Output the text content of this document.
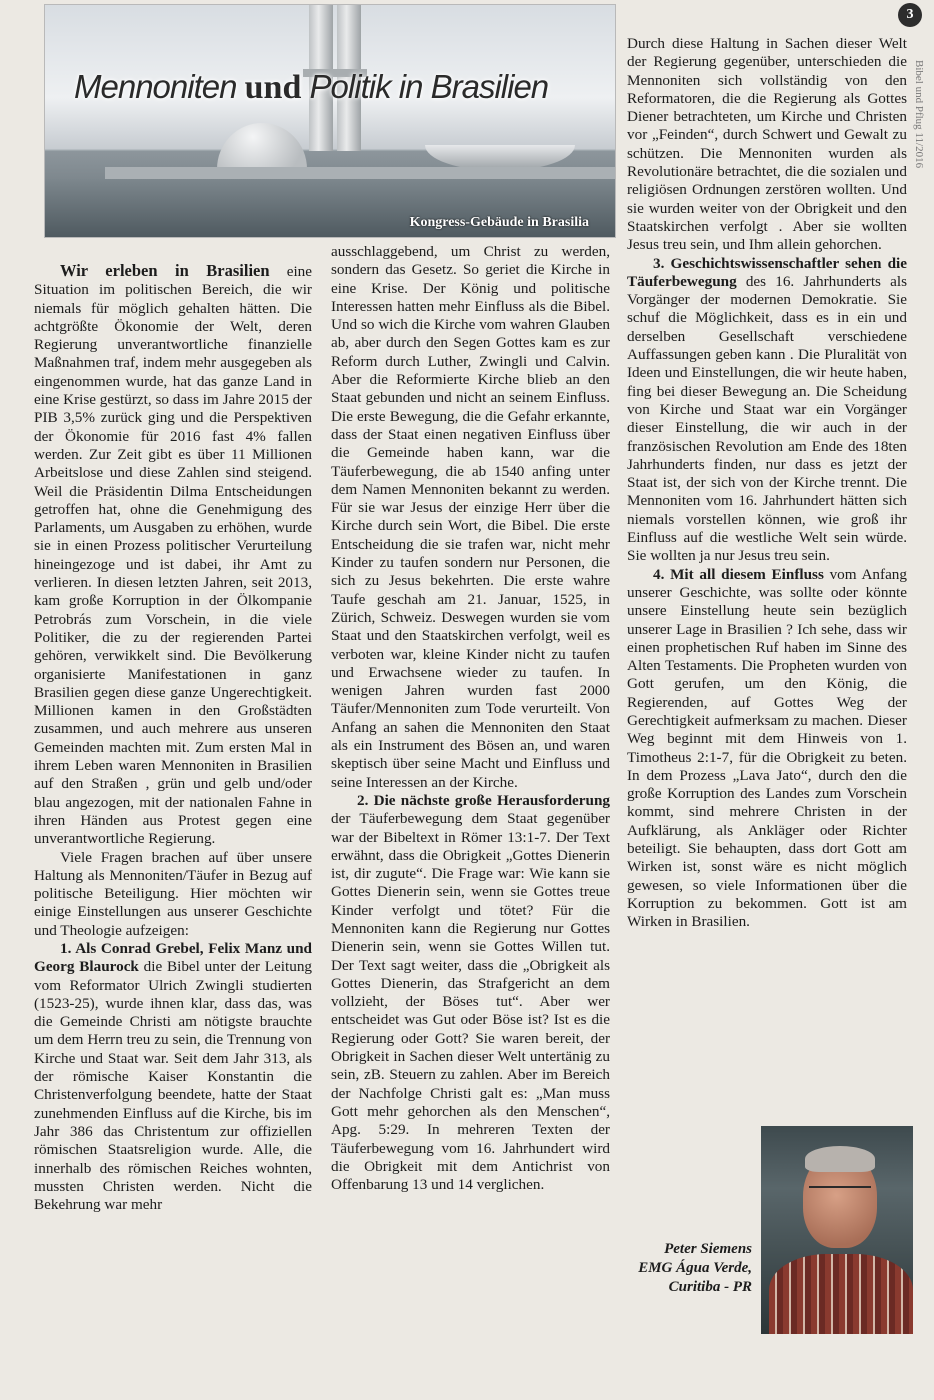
3
Bibel und Pflug 11/2016
Kongress-Gebäude in Brasilia
Mennoniten und Politik in Brasilien

Wir erleben in Brasilien eine Situation im politischen Bereich, die wir niemals für möglich gehalten hätten. Die achtgrößte Ökonomie der Welt, deren Regierung unverantwortliche finanzielle Maßnahmen traf, indem mehr ausgegeben als eingenommen wurde, hat das ganze Land in eine Krise gestürzt, so dass im Jahre 2015 der PIB 3,5% zurück ging und die Perspektiven der Ökonomie für 2016 fast 4% fallen werden. Zur Zeit gibt es über 11 Millionen Arbeitslose und diese Zahlen sind steigend. Weil die Präsidentin Dilma Entscheidungen getroffen hat, ohne die Genehmigung des Parlaments, um Ausgaben zu erhöhen, wurde sie in einen Prozess politischer Verurteilung hineingezoge und ist dabei, ihr Amt zu verlieren. In diesen letzten Jahren, seit 2013, kam große Korruption in der Ölkompanie Petrobrás zum Vorschein, in die viele Politiker, die zu der regierenden Partei gehören, verwikkelt sind. Die Bevölkerung organisierte Manifestationen in ganz Brasilien gegen diese ganze Ungerechtigkeit. Millionen kamen in den Großstädten zusammen, und auch mehrere aus unseren Gemeinden machten mit. Zum ersten Mal in ihrem Leben waren Mennoniten in Brasilien auf den Straßen , grün und gelb und/oder blau angezogen, mit der nationalen Fahne in ihren Händen aus Protest gegen eine unverantwortliche Regierung.

Viele Fragen brachen auf über unsere Haltung als Mennoniten/Täufer in Bezug auf politische Beteiligung. Hier möchten wir einige Einstellungen aus unserer Geschichte und Theologie aufzeigen:

1. Als Conrad Grebel, Felix Manz und Georg Blaurock die Bibel unter der Leitung vom Reformator Ulrich Zwingli studierten (1523-25), wurde ihnen klar, dass das, was die Gemeinde Christi am nötigste brauchte um dem Herrn treu zu sein, die Trennung von Kirche und Staat war. Seit dem Jahr 313, als der römische Kaiser Konstantin die Christenverfolgung beendete, hatte der Staat zunehmenden Einfluss auf die Kirche, bis im Jahr 386 das Christentum zur offiziellen römischen Staatsreligion wurde. Alle, die innerhalb des römischen Reiches wohnten, mussten Christen werden. Nicht die Bekehrung war mehr

ausschlaggebend, um Christ zu werden, sondern das Gesetz. So geriet die Kirche in eine Krise. Der König und politische Interessen hatten mehr Einfluss als die Bibel. Und so wich die Kirche vom wahren Glauben ab, aber durch den Segen Gottes kam es zur Reform durch Luther, Zwingli und Calvin. Aber die Reformierte Kirche blieb an den Staat gebunden und nicht an seinem Einfluss. Die erste Bewegung, die die Gefahr erkannte, dass der Staat einen negativen Einfluss über die Gemeinde haben kann, war die Täuferbewegung, die ab 1540 anfing unter dem Namen Mennoniten bekannt zu werden. Für sie war Jesus der einzige Herr über die Kirche durch sein Wort, die Bibel. Die erste Entscheidung die sie trafen war, nicht mehr Kinder zu taufen sondern nur Personen, die sich zu Jesus bekehrten. Die erste wahre Taufe geschah am 21. Januar, 1525, in Zürich, Schweiz. Deswegen wurden sie vom Staat und den Staatskirchen verfolgt, weil es verboten war, kleine Kinder nicht zu taufen und Erwachsene wieder zu taufen. In wenigen Jahren wurden fast 2000 Täufer/Mennoniten zum Tode verurteilt. Von Anfang an sahen die Mennoniten den Staat als ein Instrument des Bösen an, und waren skeptisch über seine Macht und Einfluss und seine Interessen an der Kirche.

2. Die nächste große Herausforderung der Täuferbewegung dem Staat gegenüber war der Bibeltext in Römer 13:1-7. Der Text erwähnt, dass die Obrigkeit „Gottes Dienerin ist, dir zugute“. Die Frage war: Wie kann sie Gottes Dienerin sein, wenn sie Gottes treue Kinder verfolgt und tötet? Für die Mennoniten kann die Regierung nur Gottes Dienerin sein, wenn sie Gottes Willen tut. Der Text sagt weiter, dass die „Obrigkeit als Gottes Dienerin, das Strafgericht an dem vollzieht, der Böses tut“. Aber wer entscheidet was Gut oder Böse ist? Ist es die Regierung oder Gott? Sie waren bereit, der Obrigkeit in Sachen dieser Welt untertänig zu sein, zB. Steuern zu zahlen. Aber im Bereich der Nachfolge Christi galt es: „Man muss Gott mehr gehorchen als den Menschen“, Apg. 5:29. In mehreren Texten der Täuferbewegung vom 16. Jahrhundert wird die Obrigkeit mit dem Antichrist von Offenbarung 13 und 14 verglichen.

Durch diese Haltung in Sachen dieser Welt der Regierung gegenüber, unterschieden die Mennoniten sich vollständig von den Reformatoren, die die Regierung als Gottes Diener betrachteten, um Kirche und Christen vor „Feinden“, durch Schwert und Gewalt zu schützen. Die Mennoniten wurden als Revolutionäre betrachtet, die die sozialen und religiösen Ordnungen zerstören wollten. Und sie wurden weiter von der Obrigkeit und den Staatskirchen verfolgt . Aber sie wollten Jesus treu sein, und Ihm allein gehorchen.

3. Geschichtswissenschaftler sehen die Täuferbewegung des 16. Jahrhunderts als Vorgänger der modernen Demokratie. Sie schuf die Möglichkeit, dass es in ein und derselben Gesellschaft verschiedene Auffassungen geben kann . Die Pluralität von Ideen und Einstellungen, die wir heute haben, fing bei dieser Bewegung an. Die Scheidung von Kirche und Staat war ein Vorgänger dieser Einstellung, die wir auch in der französischen Revolution am Ende des 18ten Jahrhunderts finden, nur dass es jetzt der Staat ist, der sich von der Kirche trennt. Die Mennoniten vom 16. Jahrhundert hätten sich niemals vorstellen können, wie groß ihr Einfluss auf die westliche Welt sein würde. Sie wollten ja nur Jesus treu sein.

4. Mit all diesem Einfluss vom Anfang unserer Geschichte, was sollte oder könnte unsere Einstellung heute sein bezüglich unserer Lage in Brasilien ? Ich sehe, dass wir einen prophetischen Ruf haben im Sinne des Alten Testaments. Die Propheten wurden von Gott gerufen, um den König, die Regierenden, auf Gottes Weg der Gerechtigkeit aufmerksam zu machen. Dieser Weg beginnt mit dem Hinweis von 1. Timotheus 2:1-7, für die Obrigkeit zu beten. In dem Prozess „Lava Jato“, durch den die große Korruption des Landes zum Vorschein kommt, sind mehrere Christen in der Aufklärung, als Ankläger oder Richter beteiligt. Sie behaupten, dass dort Gott am Wirken ist, sonst wäre es nicht möglich gewesen, so viele Informationen über die Korruption zu bekommen. Gott ist am Wirken in Brasilien.

Peter Siemens
EMG Água Verde,
Curitiba - PR
